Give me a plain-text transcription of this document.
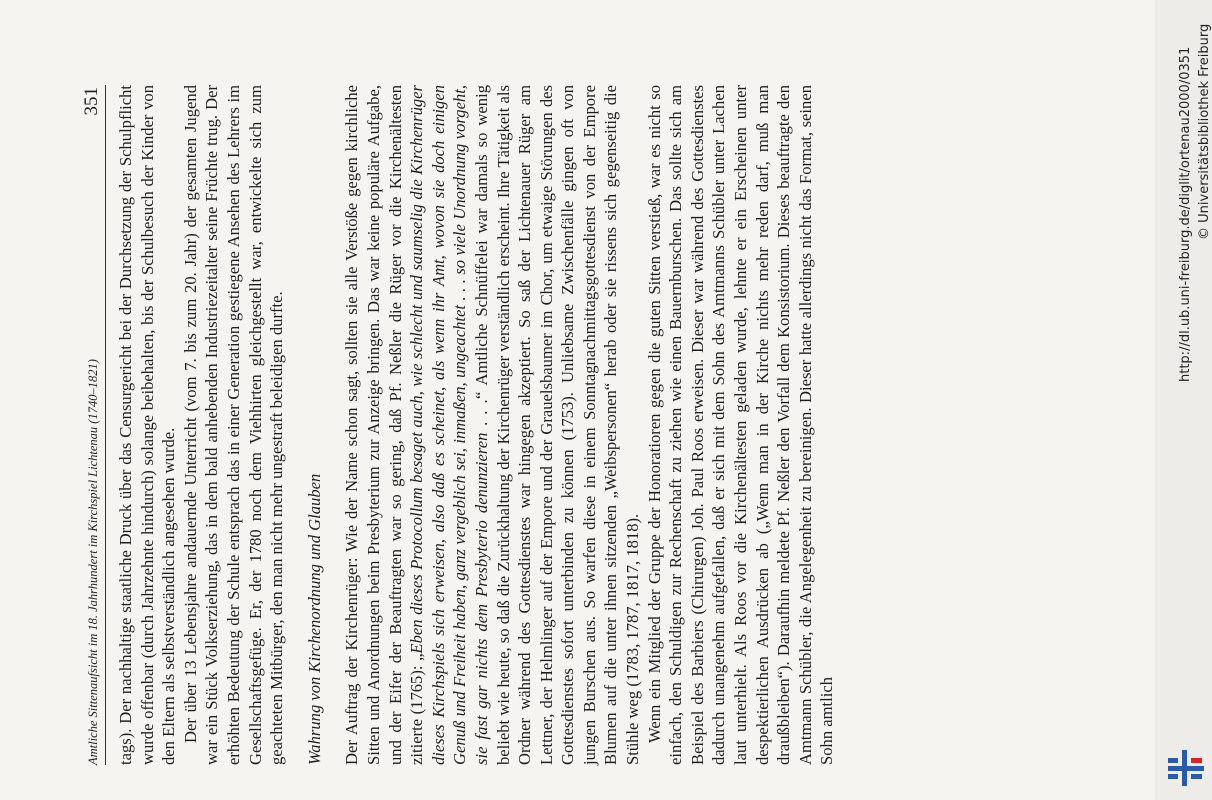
Amtliche Sittenaufsicht im 18. Jahrhundert im Kirchspiel Lichtenau (1740–1821)
351 tags). Der nachhaltige staatliche Druck über das Censurgericht bei der Durchsetzung der Schulpflicht wurde offenbar (durch Jahrzehnte hindurch) solange beibehalten, bis der Schulbesuch der Kinder von den Eltern als selbstverständlich angesehen wurde. Der über 13 Lebensjahre andauernde Unterricht (vom 7. bis zum 20. Jahr) der gesamten Jugend war ein Stück Volkserziehung, das in dem bald anhebenden Industriezeitalter seine Früchte trug. Der erhöhten Bedeutung der Schule entsprach das in einer Generation gestiegene Ansehen des Lehrers im Gesellschaftsgefüge. Er, der 1780 noch dem Viehhirten gleichgestellt war, entwickelte sich zum geachteten Mitbürger, den man nicht mehr ungestraft beleidigen durfte. Wahrung von Kirchenordnung und Glauben Der Auftrag der Kirchenrüger: Wie der Name schon sagt, sollten sie alle Verstöße gegen kirchliche Sitten und Anordnungen beim Presbyterium zur Anzeige bringen. Das war keine populäre Aufgabe, und der Eifer der Beauftragten war so gering, daß Pf. Neßler die Rüger vor die Kirchenältesten zitierte (1765): „Eben dieses Protocollum besaget auch, wie schlecht und saumselig die Kirchenrüger dieses Kirchspiels sich erweisen, also daß es scheinet, als wenn ihr Amt, wovon sie doch einigen Genuß und Freiheit haben, ganz vergeblich sei, inmaßen, ungeachtet . . . so viele Unordnung vorgeht, sie fast gar nichts dem Presbyterio denunzieren . . .“ Amtliche Schnüffelei war damals so wenig beliebt wie heute, so daß die Zurückhaltung der Kirchenrüger verständlich erscheint. Ihre Tätigkeit als Ordner während des Gottesdienstes war hingegen akzeptiert. So saß der Lichtenauer Rüger am Lettner, der Helmlinger auf der Empore und der Grauelsbaumer im Chor, um etwaige Störungen des Gottesdienstes sofort unterbinden zu können (1753). Unliebsame Zwischenfälle gingen oft von jungen Burschen aus. So warfen diese in einem Sonntagnachmittagsgottesdienst von der Empore Blumen auf die unter ihnen sitzenden „Weibspersonen“ herab oder sie rissens sich gegenseitig die Stühle weg (1783, 1787, 1817, 1818). Wenn ein Mitglied der Gruppe der Honoratioren gegen die guten Sitten verstieß, war es nicht so einfach, den Schuldigen zur Rechenschaft zu ziehen wie einen Bauernburschen. Das sollte sich am Beispiel des Barbiers (Chirurgen) Joh. Paul Roos erweisen. Dieser war während des Gottesdienstes dadurch unangenehm aufgefallen, daß er sich mit dem Sohn des Amtmanns Schübler unter Lachen laut unterhielt. Als Roos vor die Kirchenältesten geladen wurde, lehnte er ein Erscheinen unter despektierlichen Ausdrücken ab („Wenn man in der Kirche nichts mehr reden darf, muß man draußbleiben“). Daraufhin meldete Pf. Neßler den Vorfall dem Konsistorium. Dieses beauftragte den Amtmann Schübler, die Angelegenheit zu bereinigen. Dieser hatte allerdings nicht das Format, seinen Sohn amtlich

http://dl.ub.uni-freiburg.de/diglit/ortenau2000/0351 © Universitätsbibliothek Freiburg
